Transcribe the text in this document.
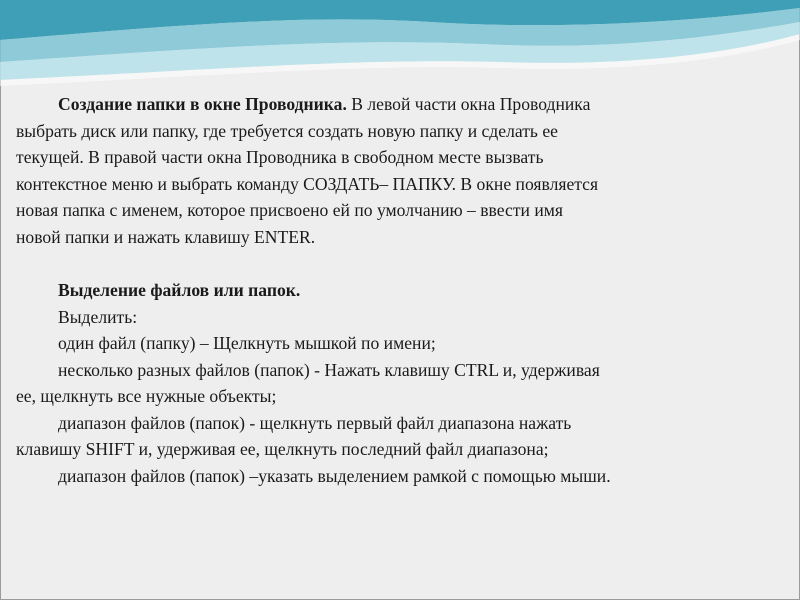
Создание папки в окне Проводника. В левой части окна Проводника

выбрать диск или папку, где требуется создать новую папку и сделать ее

текущей. В правой части окна Проводника в свободном месте вызвать

контекстное меню и выбрать команду СОЗДАТЬ– ПАПКУ. В окне появляется

новая папка с именем, которое присвоено ей по умолчанию – ввести имя

новой папки и нажать клавишу ENTER.

Выделение файлов или папок.

Выделить:

один файл (папку) – Щелкнуть мышкой по имени;

несколько разных файлов (папок) - Нажать клавишу CTRL и, удерживая

ее, щелкнуть все нужные объекты;

диапазон файлов (папок) - щелкнуть первый файл диапазона нажать

клавишу SHIFT и, удерживая ее, щелкнуть последний файл диапазона;

диапазон файлов (папок) –указать выделением рамкой с помощью мыши.
